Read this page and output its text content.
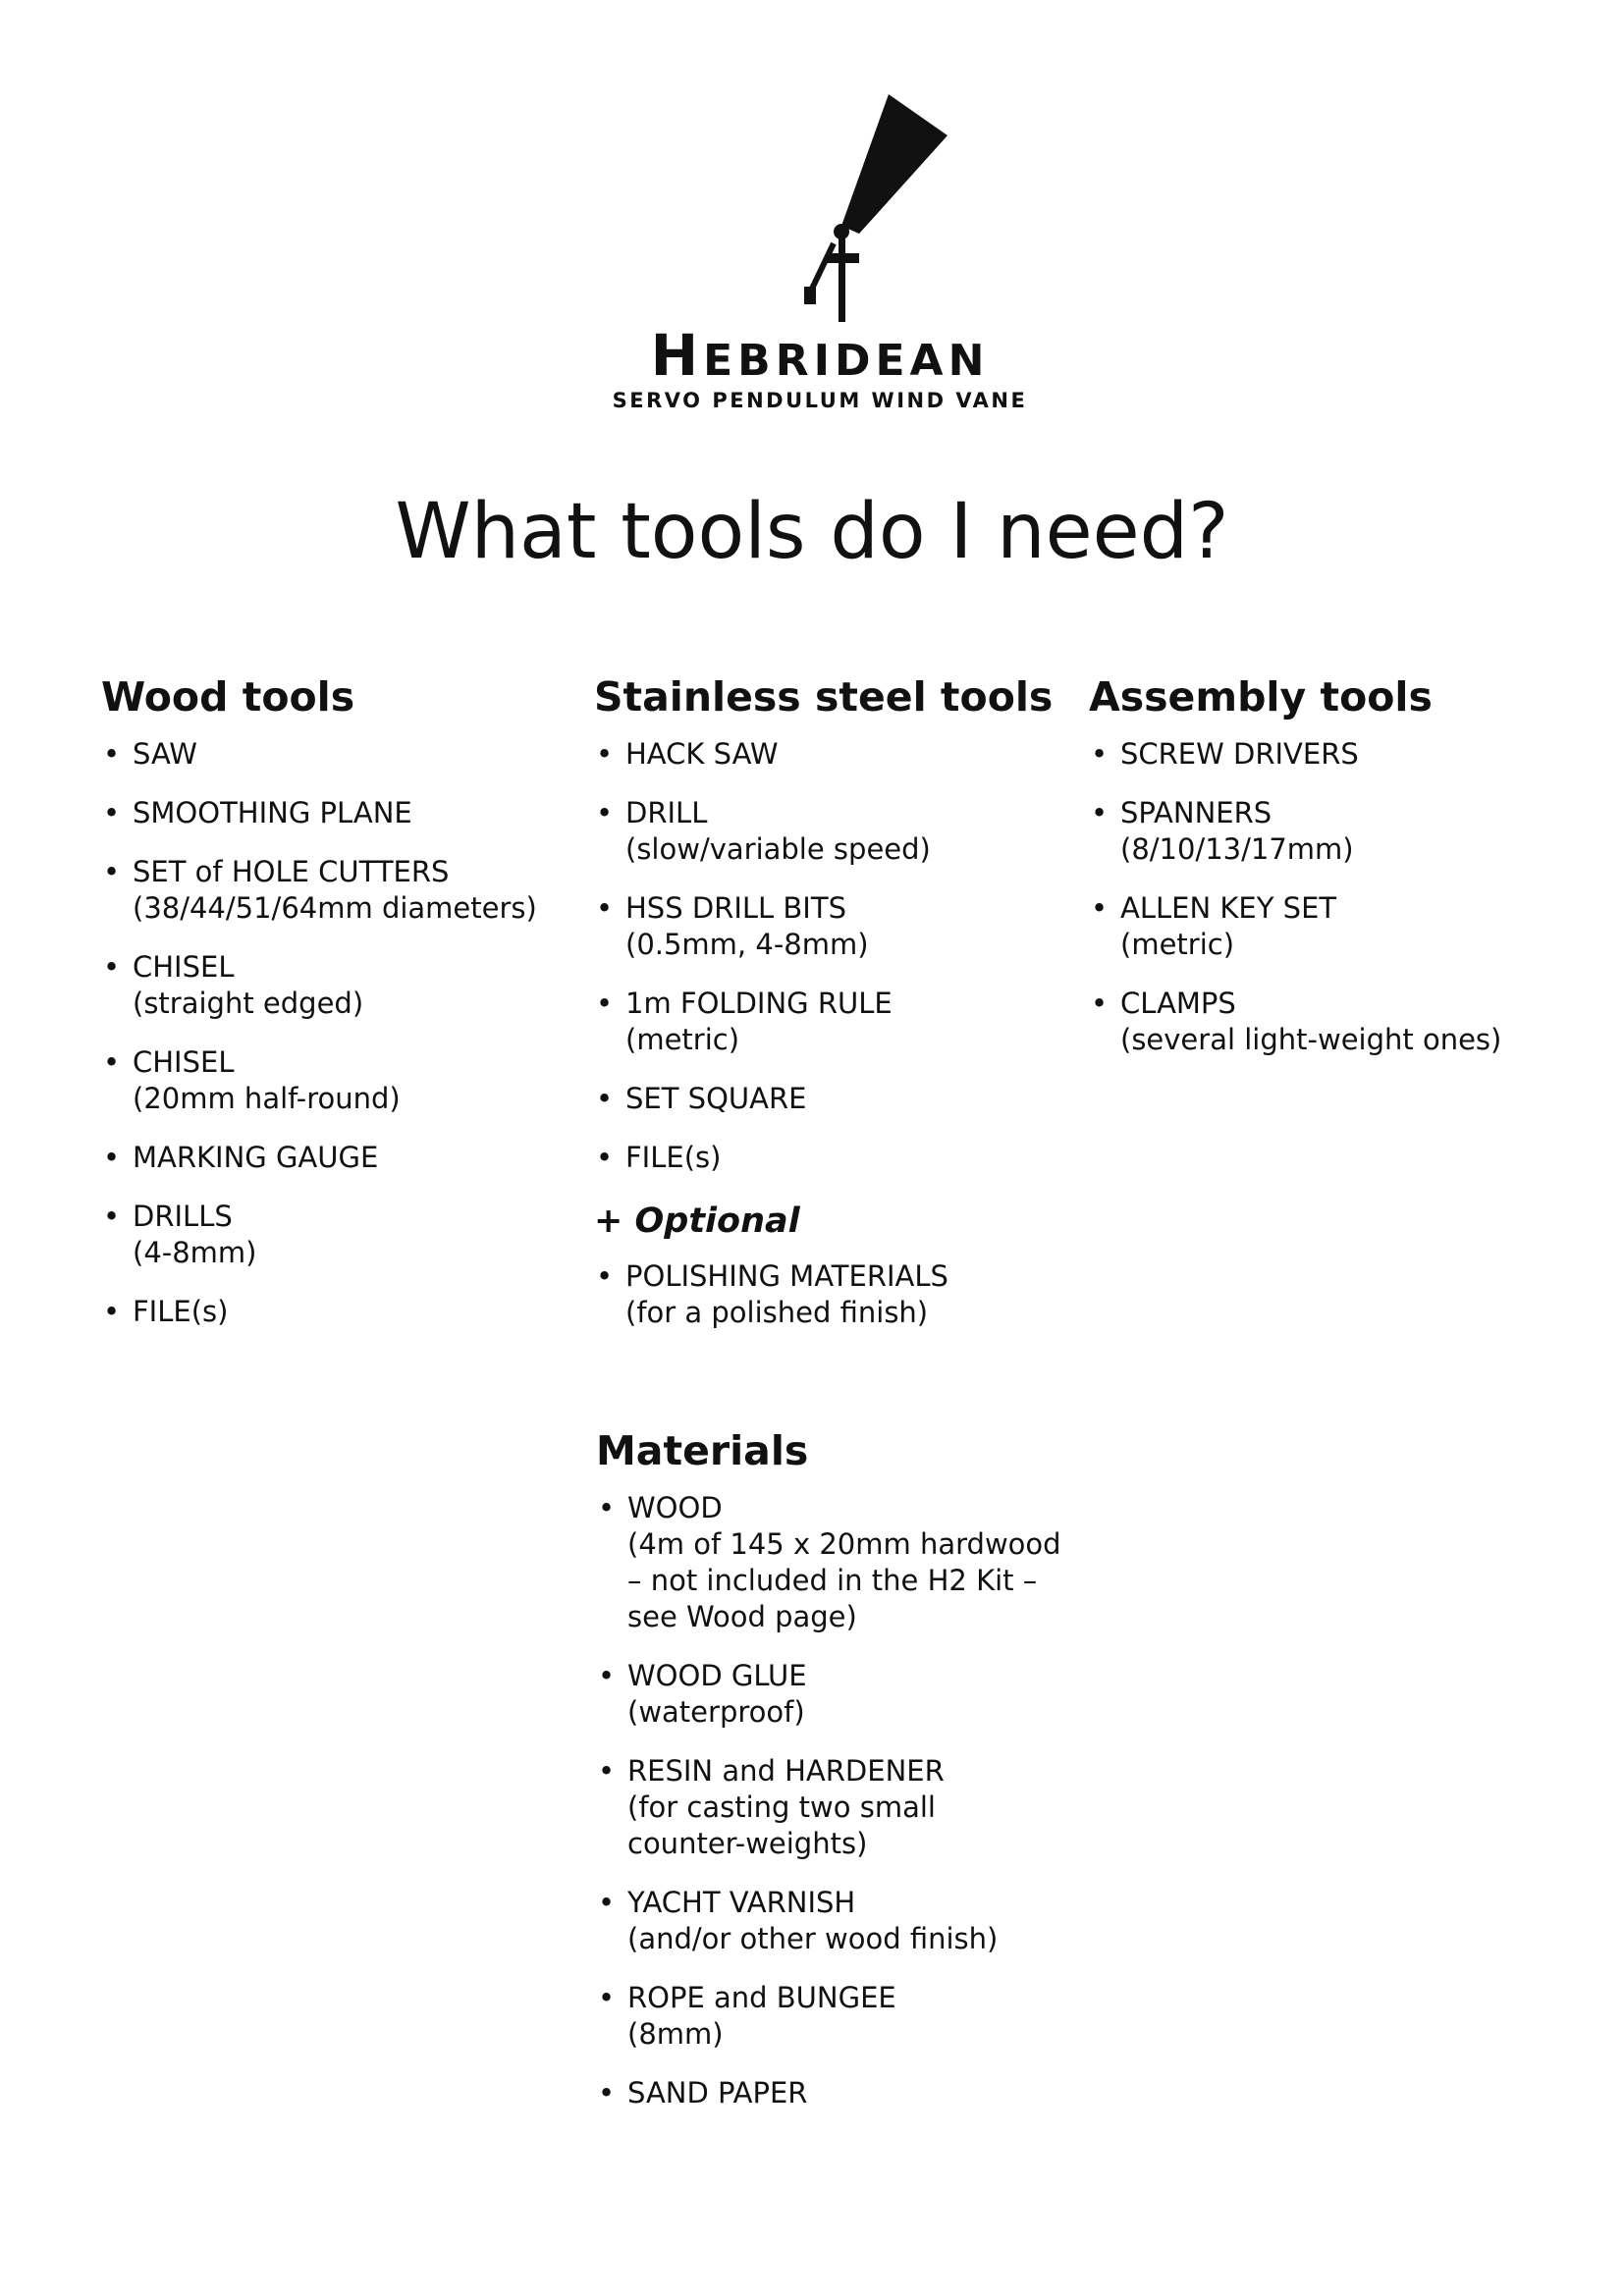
HEBRIDEAN
SERVO PENDULUM WIND VANE
What tools do I need?
Wood tools
• SAW
• SMOOTHING PLANE
• SET of HOLE CUTTERS
(38/44/51/64mm diameters)
• CHISEL
(straight edged)
• CHISEL
(20mm half-round)
• MARKING GAUGE
• DRILLS
(4-8mm)
• FILE(s)
Stainless steel tools
• HACK SAW
• DRILL
(slow/variable speed)
• HSS DRILL BITS
(0.5mm, 4-8mm)
• 1m FOLDING RULE
(metric)
• SET SQUARE
• FILE(s)
+ Optional
• POLISHING MATERIALS
(for a polished finish)
Materials
• WOOD
(4m of 145 x 20mm hardwood
– not included in the H2 Kit –
see Wood page)
• WOOD GLUE
(waterproof)
• RESIN and HARDENER
(for casting two small
counter-weights)
• YACHT VARNISH
(and/or other wood finish)
• ROPE and BUNGEE
(8mm)
• SAND PAPER
Assembly tools
• SCREW DRIVERS
• SPANNERS
(8/10/13/17mm)
• ALLEN KEY SET
(metric)
• CLAMPS
(several light-weight ones)
